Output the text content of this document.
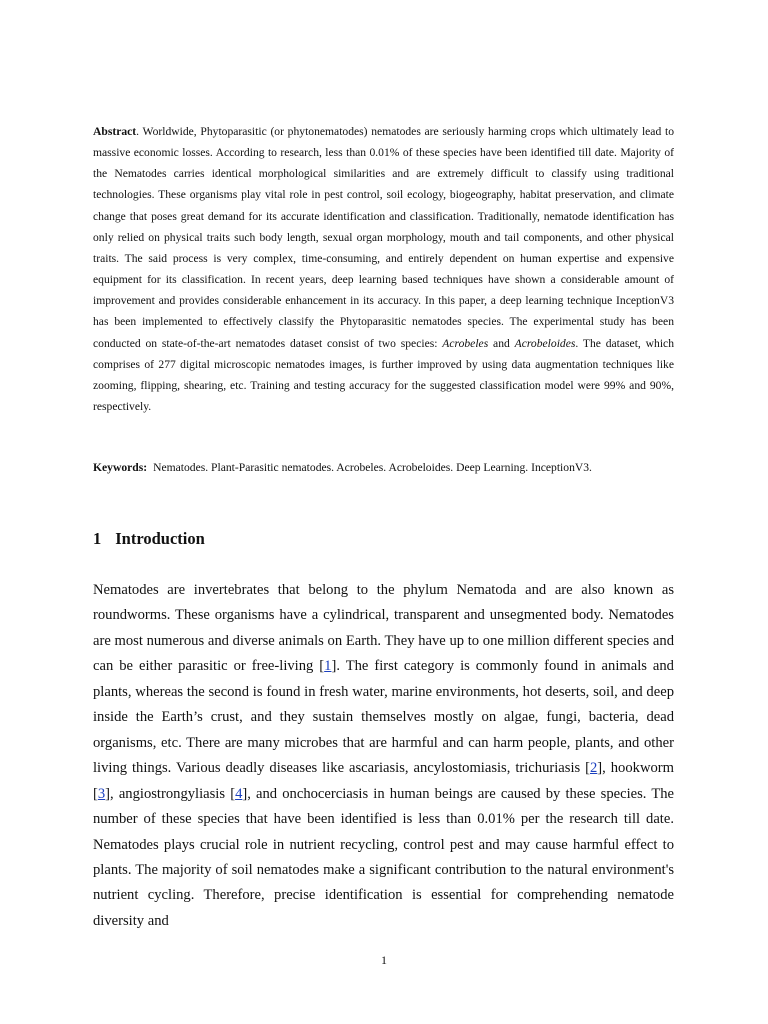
Abstract. Worldwide, Phytoparasitic (or phytonematodes) nematodes are seriously harming crops which ultimately lead to massive economic losses. According to research, less than 0.01% of these species have been identified till date. Majority of the Nematodes carries identical morphological similarities and are extremely difficult to classify using traditional technologies. These organisms play vital role in pest control, soil ecology, biogeography, habitat preservation, and climate change that poses great demand for its accurate identification and classification. Traditionally, nematode identification has only relied on physical traits such body length, sexual organ morphology, mouth and tail components, and other physical traits. The said process is very complex, time-consuming, and entirely dependent on human expertise and expensive equipment for its classification. In recent years, deep learning based techniques have shown a considerable amount of improvement and provides considerable enhancement in its accuracy. In this paper, a deep learning technique InceptionV3 has been implemented to effectively classify the Phytoparasitic nematodes species. The experimental study has been conducted on state-of-the-art nematodes dataset consist of two species: Acrobeles and Acrobeloides. The dataset, which comprises of 277 digital microscopic nematodes images, is further improved by using data augmentation techniques like zooming, flipping, shearing, etc. Training and testing accuracy for the suggested classification model were 99% and 90%, respectively.
Keywords: Nematodes. Plant-Parasitic nematodes. Acrobeles. Acrobeloides. Deep Learning. InceptionV3.
1 Introduction
Nematodes are invertebrates that belong to the phylum Nematoda and are also known as roundworms. These organisms have a cylindrical, transparent and unsegmented body. Nematodes are most numerous and diverse animals on Earth. They have up to one million different species and can be either parasitic or free-living [1]. The first category is commonly found in animals and plants, whereas the second is found in fresh water, marine environments, hot deserts, soil, and deep inside the Earth’s crust, and they sustain themselves mostly on algae, fungi, bacteria, dead organisms, etc. There are many microbes that are harmful and can harm people, plants, and other living things. Various deadly diseases like ascariasis, ancylostomiasis, trichuriasis [2], hookworm [3], angiostrongyliasis [4], and onchocerciasis in human beings are caused by these species. The number of these species that have been identified is less than 0.01% per the research till date. Nematodes plays crucial role in nutrient recycling, control pest and may cause harmful effect to plants. The majority of soil nematodes make a significant contribution to the natural environment's nutrient cycling. Therefore, precise identification is essential for comprehending nematode diversity and
1
